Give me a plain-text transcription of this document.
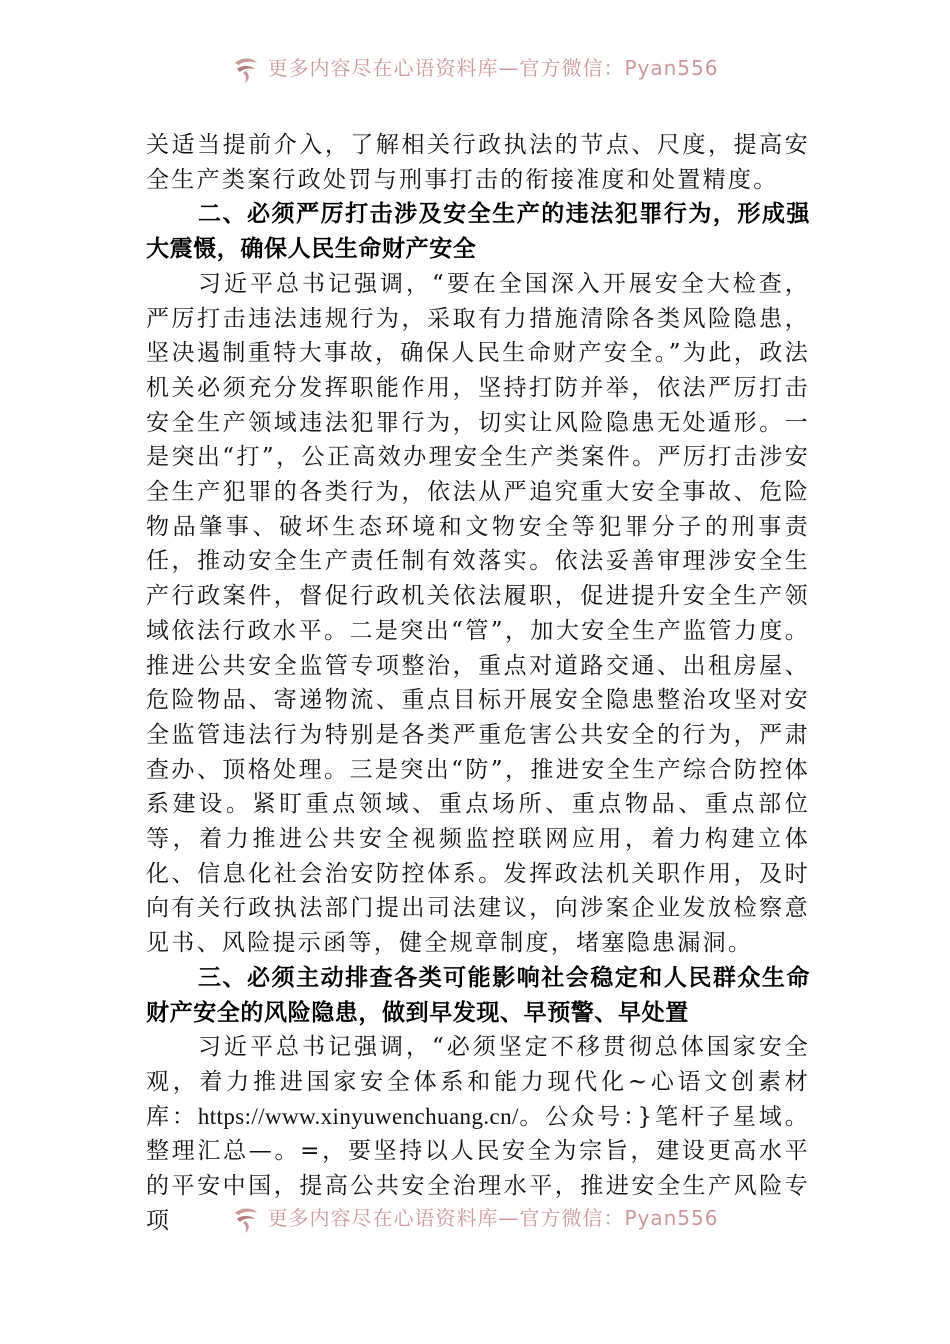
更多内容尽在心语资料库—官方微信：Pyan556

关适当提前介入，了解相关行政执法的节点、尺度，提高安全生产类案行政处罚与刑事打击的衔接准度和处置精度。

二、必须严厉打击涉及安全生产的违法犯罪行为，形成强大震慑，确保人民生命财产安全

习近平总书记强调，“要在全国深入开展安全大检查，严厉打击违法违规行为，采取有力措施清除各类风险隐患，坚决遏制重特大事故，确保人民生命财产安全。”为此，政法机关必须充分发挥职能作用，坚持打防并举，依法严厉打击安全生产领域违法犯罪行为，切实让风险隐患无处遁形。一是突出“打”，公正高效办理安全生产类案件。严厉打击涉安全生产犯罪的各类行为，依法从严追究重大安全事故、危险物品肇事、破坏生态环境和文物安全等犯罪分子的刑事责任，推动安全生产责任制有效落实。依法妥善审理涉安全生产行政案件，督促行政机关依法履职，促进提升安全生产领域依法行政水平。二是突出“管”，加大安全生产监管力度。推进公共安全监管专项整治，重点对道路交通、出租房屋、危险物品、寄递物流、重点目标开展安全隐患整治攻坚对安全监管违法行为特别是各类严重危害公共安全的行为，严肃查办、顶格处理。三是突出“防”，推进安全生产综合防控体系建设。紧盯重点领域、重点场所、重点物品、重点部位等，着力推进公共安全视频监控联网应用，着力构建立体化、信息化社会治安防控体系。发挥政法机关职作用，及时向有关行政执法部门提出司法建议，向涉案企业发放检察意见书、风险提示函等，健全规章制度，堵塞隐患漏洞。

三、必须主动排查各类可能影响社会稳定和人民群众生命财产安全的风险隐患，做到早发现、早预警、早处置

习近平总书记强调，“必须坚定不移贯彻总体国家安全观，着力推进国家安全体系和能力现代化~心语文创素材库：https://www.xinyuwenchuang.cn/。公众号：}笔杆子星域。整理汇总—。=，要坚持以人民安全为宗旨，建设更高水平的平安中国，提高公共安全治理水平，推进安全生产风险专项	更多内容尽在心语资料库—官方微信：Pyan556
